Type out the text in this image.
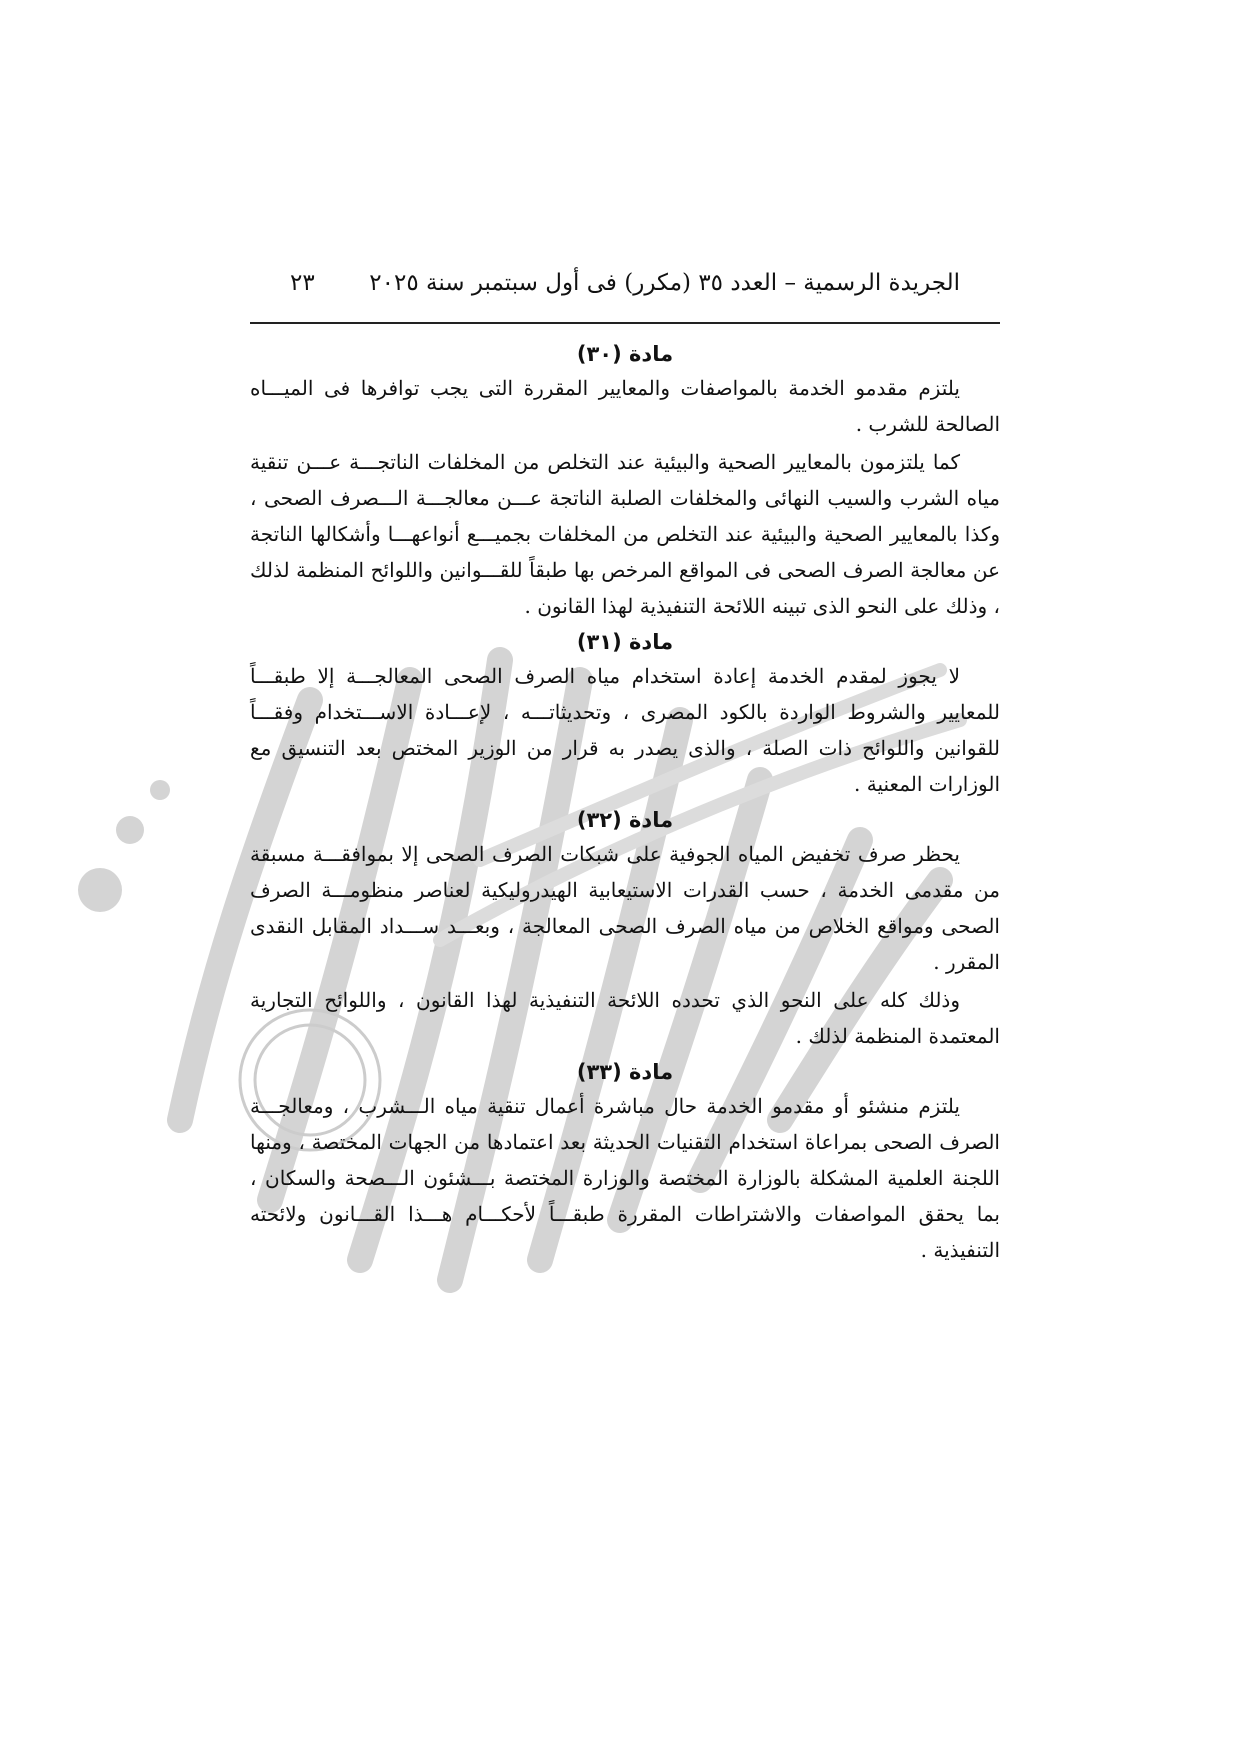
الجريدة الرسمية – العدد ٣٥ (مكرر) فى أول سبتمبر سنة ٢٠٢٥
٢٣
مادة (٣٠)

يلتزم مقدمو الخدمة بالمواصفات والمعايير المقررة التى يجب توافرها فى الميـــاه الصالحة للشرب .

كما يلتزمون بالمعايير الصحية والبيئية عند التخلص من المخلفات الناتجـــة عـــن تنقية مياه الشرب والسيب النهائى والمخلفات الصلبة الناتجة عـــن معالجـــة الـــصرف الصحى ، وكذا بالمعايير الصحية والبيئية عند التخلص من المخلفات بجميـــع أنواعهـــا وأشكالها الناتجة عن معالجة الصرف الصحى فى المواقع المرخص بها طبقاً للقـــوانين واللوائح المنظمة لذلك ، وذلك على النحو الذى تبينه اللائحة التنفيذية لهذا القانون .

مادة (٣١)

لا يجوز لمقدم الخدمة إعادة استخدام مياه الصرف الصحى المعالجـــة إلا طبقـــاً للمعايير والشروط الواردة بالكود المصرى ، وتحديثاتـــه ، لإعـــادة الاســـتخدام وفقـــاً للقوانين واللوائح ذات الصلة ، والذى يصدر به قرار من الوزير المختص بعد التنسيق مع الوزارات المعنية .

مادة (٣٢)

يحظر صرف تخفيض المياه الجوفية على شبكات الصرف الصحى إلا بموافقـــة مسبقة من مقدمى الخدمة ، حسب القدرات الاستيعابية الهيدروليكية لعناصر منظومـــة الصرف الصحى ومواقع الخلاص من مياه الصرف الصحى المعالجة ، وبعـــد ســـداد المقابل النقدى المقرر .

وذلك كله على النحو الذي تحدده اللائحة التنفيذية لهذا القانون ، واللوائح التجارية المعتمدة المنظمة لذلك .

مادة (٣٣)

يلتزم منشئو أو مقدمو الخدمة حال مباشرة أعمال تنقية مياه الـــشرب ، ومعالجـــة الصرف الصحى بمراعاة استخدام التقنيات الحديثة بعد اعتمادها من الجهات المختصة ، ومنها اللجنة العلمية المشكلة بالوزارة المختصة والوزارة المختصة بـــشئون الـــصحة والسكان ، بما يحقق المواصفات والاشتراطات المقررة طبقـــاً لأحكـــام هـــذا القـــانون ولائحته التنفيذية .
